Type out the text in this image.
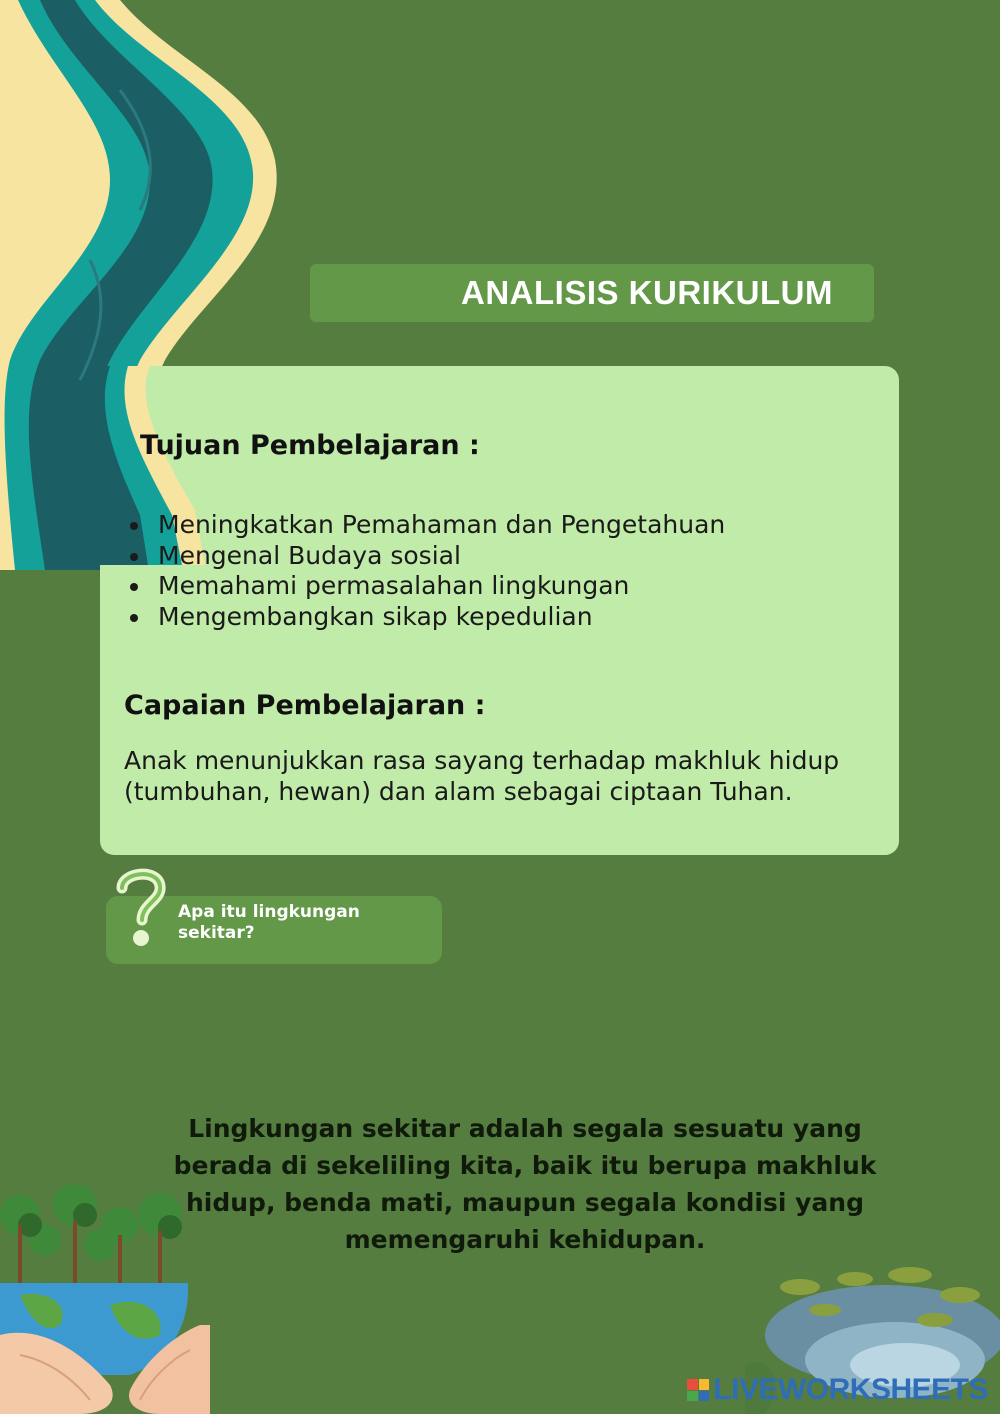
ANALISIS KURIKULUM
Tujuan Pembelajaran :
Meningkatkan Pemahaman dan Pengetahuan
Mengenal Budaya sosial
Memahami permasalahan lingkungan
Mengembangkan sikap kepedulian
Capaian Pembelajaran :

Anak menunjukkan rasa sayang terhadap makhluk hidup (tumbuhan, hewan) dan alam sebagai ciptaan Tuhan.

Apa itu lingkungan sekitar?

Lingkungan sekitar adalah segala sesuatu yang berada di sekeliling kita, baik itu berupa makhluk hidup, benda mati, maupun segala kondisi yang memengaruhi kehidupan.

LIVEWORKSHEETS
